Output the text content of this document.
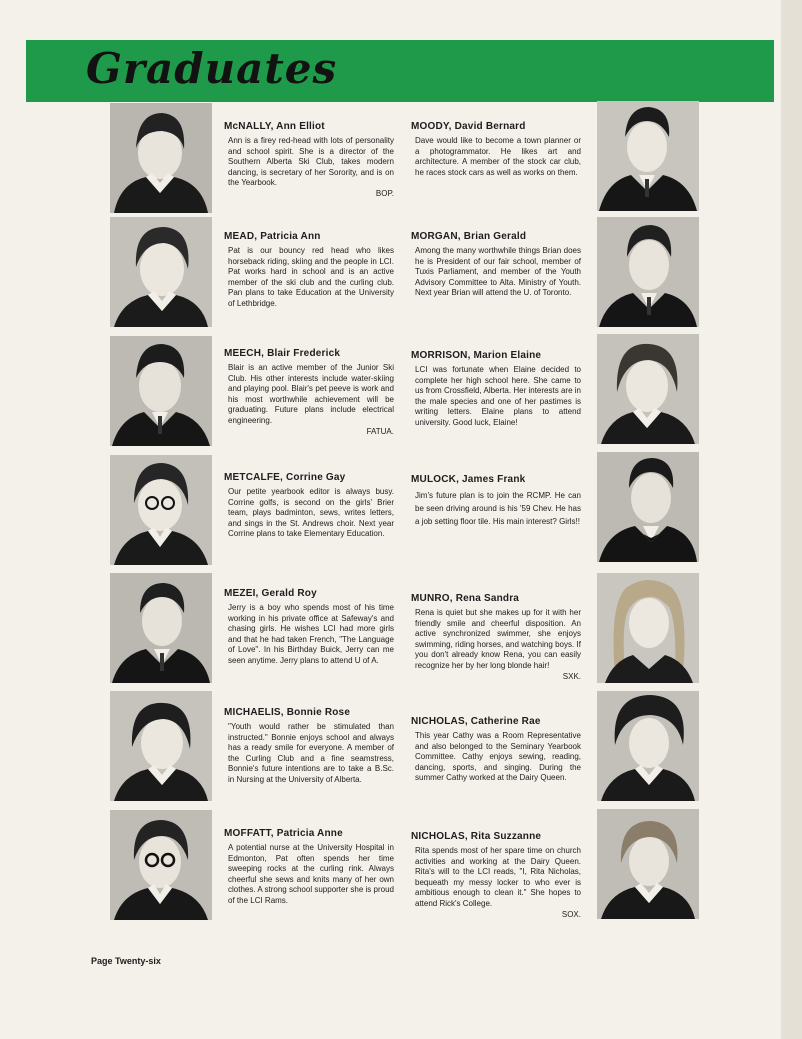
Graduates
McNALLY, Ann Elliot
Ann is a firey red-head with lots of personality and school spirit. She is a director of the Southern Alberta Ski Club, takes modern dancing, is secretary of her Sorority, and is on the Yearbook.
BOP.
MEAD, Patricia Ann
Pat is our bouncy red head who likes horseback riding, skiing and the people in LCI. Pat works hard in school and is an active member of the ski club and the curling club. Pan plans to take Education at the University of Lethbridge.
MEECH, Blair Frederick
Blair is an active member of the Junior Ski Club. His other interests include water-skiing and playing pool. Blair's pet peeve is work and his most worthwhile achievement will be graduating. Future plans include electrical engineering.
FATUA.
METCALFE, Corrine Gay
Our petite yearbook editor is always busy. Corrine golfs, is second on the girls' Brier team, plays badminton, sews, writes letters, and sings in the St. Andrews choir. Next year Corrine plans to take Elementary Education.
MEZEI, Gerald Roy
Jerry is a boy who spends most of his time working in his private office at Safeway's and chasing girls. He wishes LCI had more girls and that he had taken French, "The Language of Love". In his Birthday Buick, Jerry can me seen anytime. Jerry plans to attend U of A.
MICHAELIS, Bonnie Rose
"Youth would rather be stimulated than instructed." Bonnie enjoys school and always has a ready smile for everyone. A member of the Curling Club and a fine seamstress, Bonnie's future intentions are to take a B.Sc. in Nursing at the University of Alberta.
MOFFATT, Patricia Anne
A potential nurse at the University Hospital in Edmonton, Pat often spends her time sweeping rocks at the curling rink. Always cheerful she sews and knits many of her own clothes. A strong school supporter she is proud of the LCI Rams.
MOODY, David Bernard
Dave would like to become a town planner or a photogrammator. He likes art and architecture. A member of the stock car club, he races stock cars as well as works on them.
MORGAN, Brian Gerald
Among the many worthwhile things Brian does he is President of our fair school, member of Tuxis Parliament, and member of the Youth Advisory Committee to Alta. Ministry of Youth. Next year Brian will attend the U. of Toronto.
MORRISON, Marion Elaine
LCI was fortunate when Elaine decided to complete her high school here. She came to us from Crossfield, Alberta. Her interests are in the male species and one of her pastimes is writing letters. Elaine plans to attend university. Good luck, Elaine!
MULOCK, James Frank
Jim's future plan is to join the RCMP. He can be seen driving around is his '59 Chev. He has a job setting floor tile. His main interest? Girls!!
MUNRO, Rena Sandra
Rena is quiet but she makes up for it with her friendly smile and cheerful disposition. An active synchronized swimmer, she enjoys swimming, riding horses, and watching boys. If you don't already know Rena, you can easily recognize her by her long blonde hair!
SXK.
NICHOLAS, Catherine Rae
This year Cathy was a Room Representative and also belonged to the Seminary Yearbook Committee. Cathy enjoys sewing, reading, dancing, sports, and singing. During the summer Cathy worked at the Dairy Queen.
NICHOLAS, Rita Suzzanne
Rita spends most of her spare time on church activities and working at the Dairy Queen. Rita's will to the LCI reads, "I, Rita Nicholas, bequeath my messy locker to who ever is ambitious enough to clean it." She hopes to attend Rick's College.
SOX.
Page Twenty-six
